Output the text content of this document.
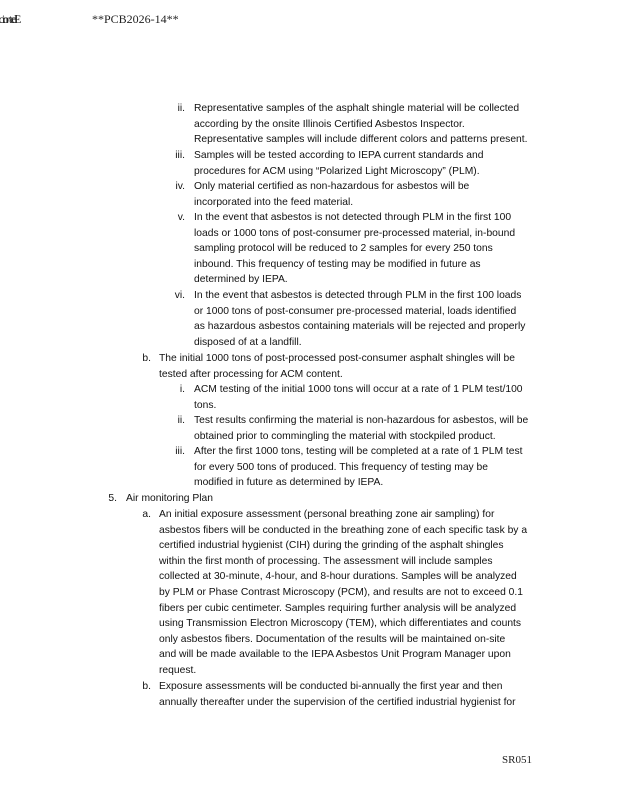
**PCB2026-14**
ii. Representative samples of the asphalt shingle material will be collected
according by the onsite Illinois Certified Asbestos Inspector.
Representative samples will include different colors and patterns present.
iii. Samples will be tested according to IEPA current standards and
procedures for ACM using “Polarized Light Microscopy” (PLM).
iv. Only material certified as non-hazardous for asbestos will be
incorporated into the feed material.
v. In the event that asbestos is not detected through PLM in the first 100
loads or 1000 tons of post-consumer pre-processed material, in-bound
sampling protocol will be reduced to 2 samples for every 250 tons
inbound. This frequency of testing may be modified in future as
determined by IEPA.
vi. In the event that asbestos is detected through PLM in the first 100 loads
or 1000 tons of post-consumer pre-processed material, loads identified
as hazardous asbestos containing materials will be rejected and properly
disposed of at a landfill.
b. The initial 1000 tons of post-processed post-consumer asphalt shingles will be
tested after processing for ACM content.
i. ACM testing of the initial 1000 tons will occur at a rate of 1 PLM test/100
tons.
ii. Test results confirming the material is non-hazardous for asbestos, will be
obtained prior to commingling the material with stockpiled product.
iii. After the first 1000 tons, testing will be completed at a rate of 1 PLM test
for every 500 tons of produced. This frequency of testing may be
modified in future as determined by IEPA.
5. Air monitoring Plan
a. An initial exposure assessment (personal breathing zone air sampling) for
asbestos fibers will be conducted in the breathing zone of each specific task by a
certified industrial hygienist (CIH) during the grinding of the asphalt shingles
within the first month of processing. The assessment will include samples
collected at 30-minute, 4-hour, and 8-hour durations. Samples will be analyzed
by PLM or Phase Contrast Microscopy (PCM), and results are not to exceed 0.1
fibers per cubic centimeter. Samples requiring further analysis will be analyzed
using Transmission Electron Microscopy (TEM), which differentiates and counts
only asbestos fibers. Documentation of the results will be maintained on-site
and will be made available to the IEPA Asbestos Unit Program Manager upon
request.
b. Exposure assessments will be conducted bi-annually the first year and then
annually thereafter under the supervision of the certified industrial hygienist for
SR051
